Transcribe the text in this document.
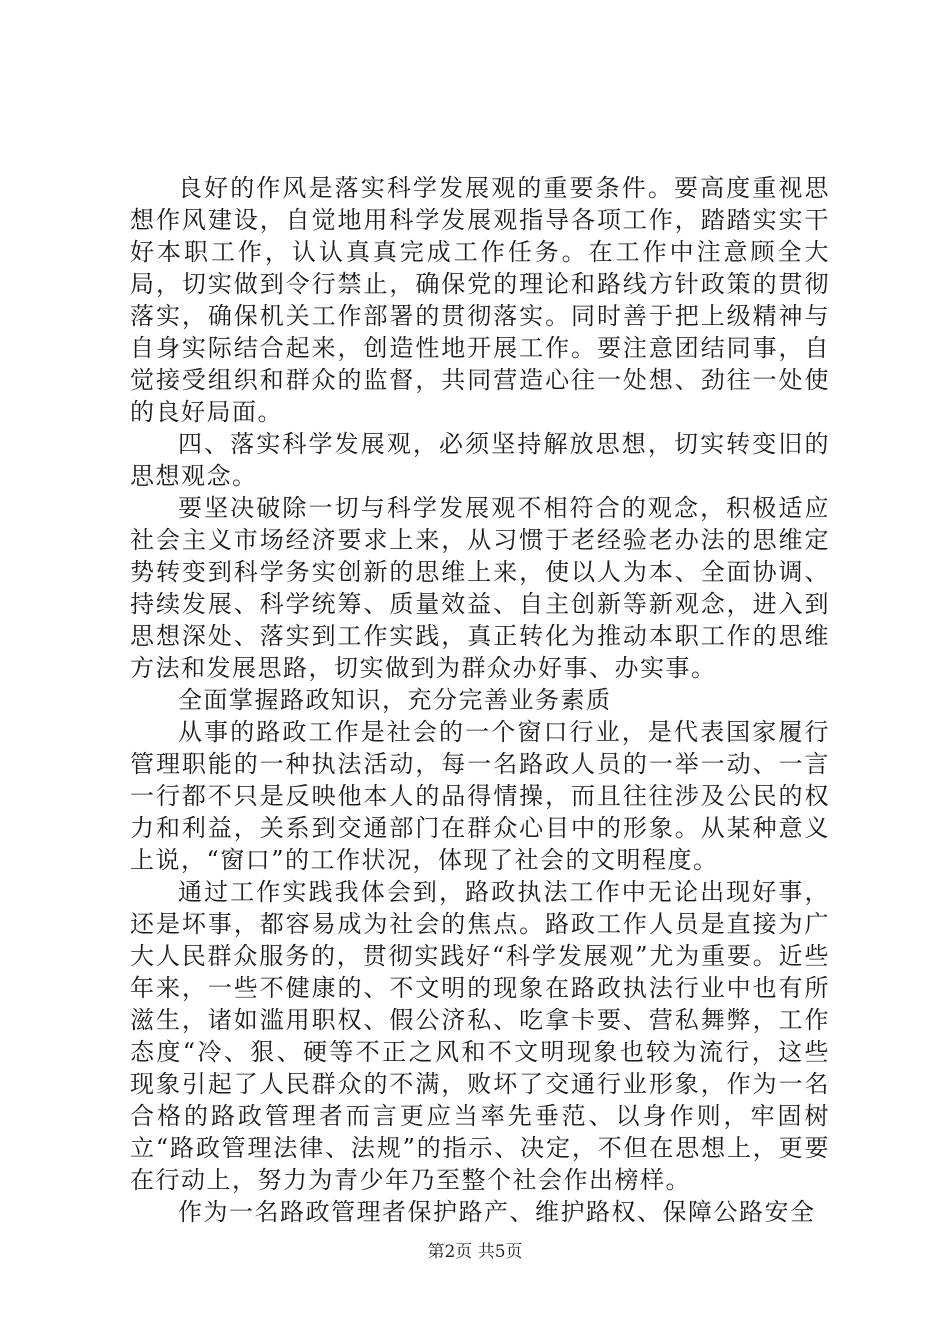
良好的作风是落实科学发展观的重要条件。要高度重视思想作风建设，自觉地用科学发展观指导各项工作，踏踏实实干好本职工作，认认真真完成工作任务。在工作中注意顾全大局，切实做到令行禁止，确保党的理论和路线方针政策的贯彻落实，确保机关工作部署的贯彻落实。同时善于把上级精神与自身实际结合起来，创造性地开展工作。要注意团结同事，自觉接受组织和群众的监督，共同营造心往一处想、劲往一处使的良好局面。

四、落实科学发展观，必须坚持解放思想，切实转变旧的思想观念。

要坚决破除一切与科学发展观不相符合的观念，积极适应社会主义市场经济要求上来，从习惯于老经验老办法的思维定势转变到科学务实创新的思维上来，使以人为本、全面协调、持续发展、科学统筹、质量效益、自主创新等新观念，进入到思想深处、落实到工作实践，真正转化为推动本职工作的思维方法和发展思路，切实做到为群众办好事、办实事。

全面掌握路政知识，充分完善业务素质

从事的路政工作是社会的一个窗口行业，是代表国家履行管理职能的一种执法活动，每一名路政人员的一举一动、一言一行都不只是反映他本人的品得情操，而且往往涉及公民的权力和利益，关系到交通部门在群众心目中的形象。从某种意义上说，“窗口”的工作状况，体现了社会的文明程度。

通过工作实践我体会到，路政执法工作中无论出现好事，还是坏事，都容易成为社会的焦点。路政工作人员是直接为广大人民群众服务的，贯彻实践好“科学发展观”尤为重要。近些年来，一些不健康的、不文明的现象在路政执法行业中也有所滋生，诸如滥用职权、假公济私、吃拿卡要、营私舞弊，工作态度“冷、狠、硬等不正之风和不文明现象也较为流行，这些现象引起了人民群众的不满，败坏了交通行业形象，作为一名合格的路政管理者而言更应当率先垂范、以身作则，牢固树立“路政管理法律、法规”的指示、决定，不但在思想上，更要在行动上，努力为青少年乃至整个社会作出榜样。

作为一名路政管理者保护路产、维护路权、保障公路安全

第2页 共5页
